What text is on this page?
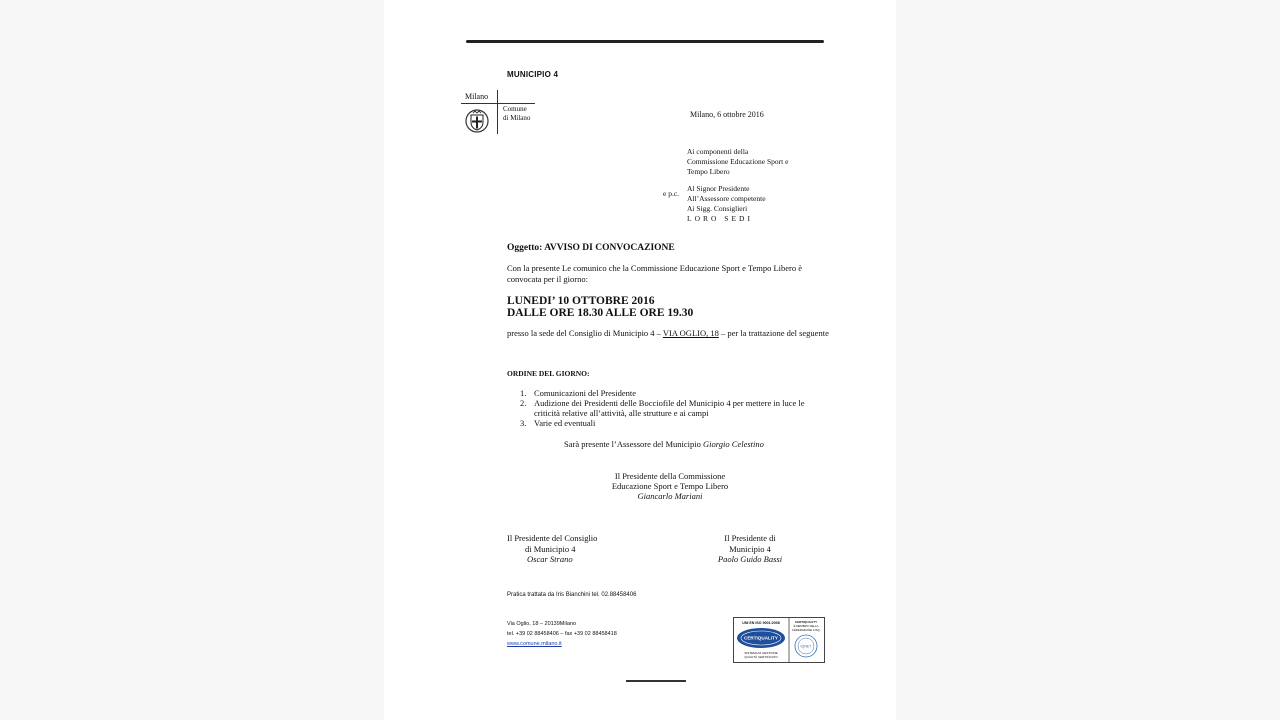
MUNICIPIO 4
Milano
Comune
di Milano	Milano, 6 ottobre 2016
Ai componenti della
Commissione Educazione Sport e
Tempo Libero
e p.c.
Al Signor Presidente
All’Assessore competente
Ai Sigg. Consiglieri
LORO SEDI
Oggetto: AVVISO DI CONVOCAZIONE
Con la presente Le comunico che la Commissione Educazione Sport e Tempo Libero è convocata per il giorno:
LUNEDI’ 10 OTTOBRE 2016
DALLE ORE 18.30 ALLE ORE 19.30
presso la sede del Consiglio di Municipio 4 – VIA OGLIO, 18 – per la trattazione del seguente
ORDINE DEL GIORNO:
1. Comunicazioni del Presidente
2. Audizione dei Presidenti delle Bocciofile del Municipio 4 per mettere in luce le criticità relative all’attività, alle strutture e ai campi
3. Varie ed eventuali
Sarà presente l’Assessore del Municipio Giorgio Celestino
Il Presidente della Commissione
Educazione Sport e Tempo Libero
Giancarlo Mariani
Il Presidente del Consiglio
di Municipio 4
Oscar Strano
Il Presidente di
Municipio 4
Paolo Guido Bassi
Pratica trattata da Iris Bianchini tel. 02.88458406
Via Oglio, 18 – 20139Milano
tel. +39 02 88458406 – fax +39 02 88458418
www.comune.milano.it
UNI EN ISO 9001:2008
CERTIQUALITY
SISTEMA DI GESTIONE
QUALITÀ CERTIFICATO
CERTIQUALITY
È MEMBRO DELLA
FEDERAZIONE CISQ
IQNET
